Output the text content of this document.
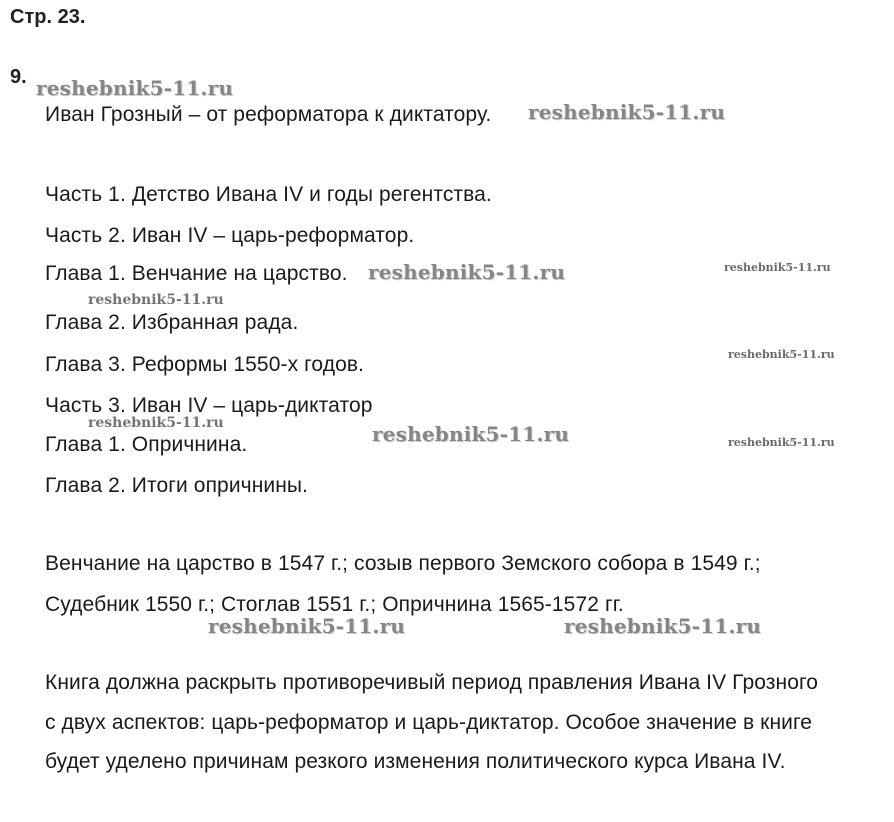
Стр. 23.
9.
Иван Грозный – от реформатора к диктатору.
Часть 1. Детство Ивана IV и годы регентства.
Часть 2. Иван IV – царь-реформатор.
Глава 1. Венчание на царство.
Глава 2. Избранная рада.
Глава 3. Реформы 1550-х годов.
Часть 3. Иван IV – царь-диктатор
Глава 1. Опричнина.
Глава 2. Итоги опричнины.
Венчание на царство в 1547 г.; созыв первого Земского собора в 1549 г.;
Судебник 1550 г.; Стоглав 1551 г.; Опричнина 1565-1572 гг.
Книга должна раскрыть противоречивый период правления Ивана IV Грозного
с двух аспектов: царь-реформатор и царь-диктатор. Особое значение в книге
будет уделено причинам резкого изменения политического курса Ивана IV.
reshebnik5-11.ru
reshebnik5-11.ru
reshebnik5-11.ru	reshebnik5-11.ru
reshebnik5-11.ru
reshebnik5-11.ru
reshebnik5-11.ru	reshebnik5-11.ru	reshebnik5-11.ru
reshebnik5-11.ru	reshebnik5-11.ru
